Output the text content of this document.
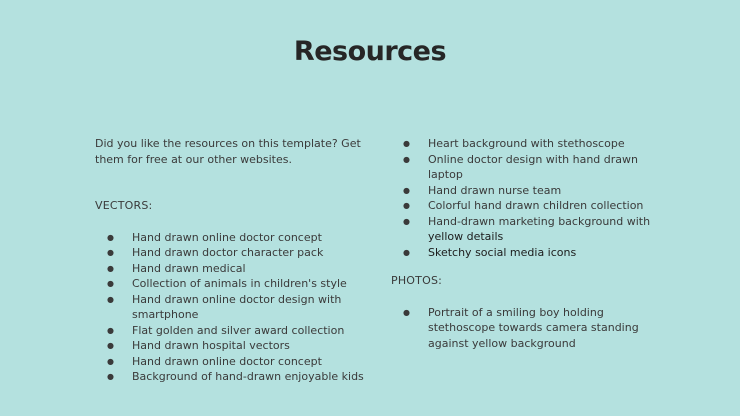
Resources

Did you like the resources on this template? Get them for free at our other websites.

VECTORS:

● Hand drawn online doctor concept
● Hand drawn doctor character pack
● Hand drawn medical
● Collection of animals in children's style
● Hand drawn online doctor design with smartphone
● Flat golden and silver award collection
● Hand drawn hospital vectors
● Hand drawn online doctor concept
● Background of hand-drawn enjoyable kids
● Heart background with stethoscope
● Online doctor design with hand drawn laptop
● Hand drawn nurse team
● Colorful hand drawn children collection
● Hand-drawn marketing background with
yellow details
● Sketchy social media icons

PHOTOS:

● Portrait of a smiling boy holding stethoscope towards camera standing against yellow background
